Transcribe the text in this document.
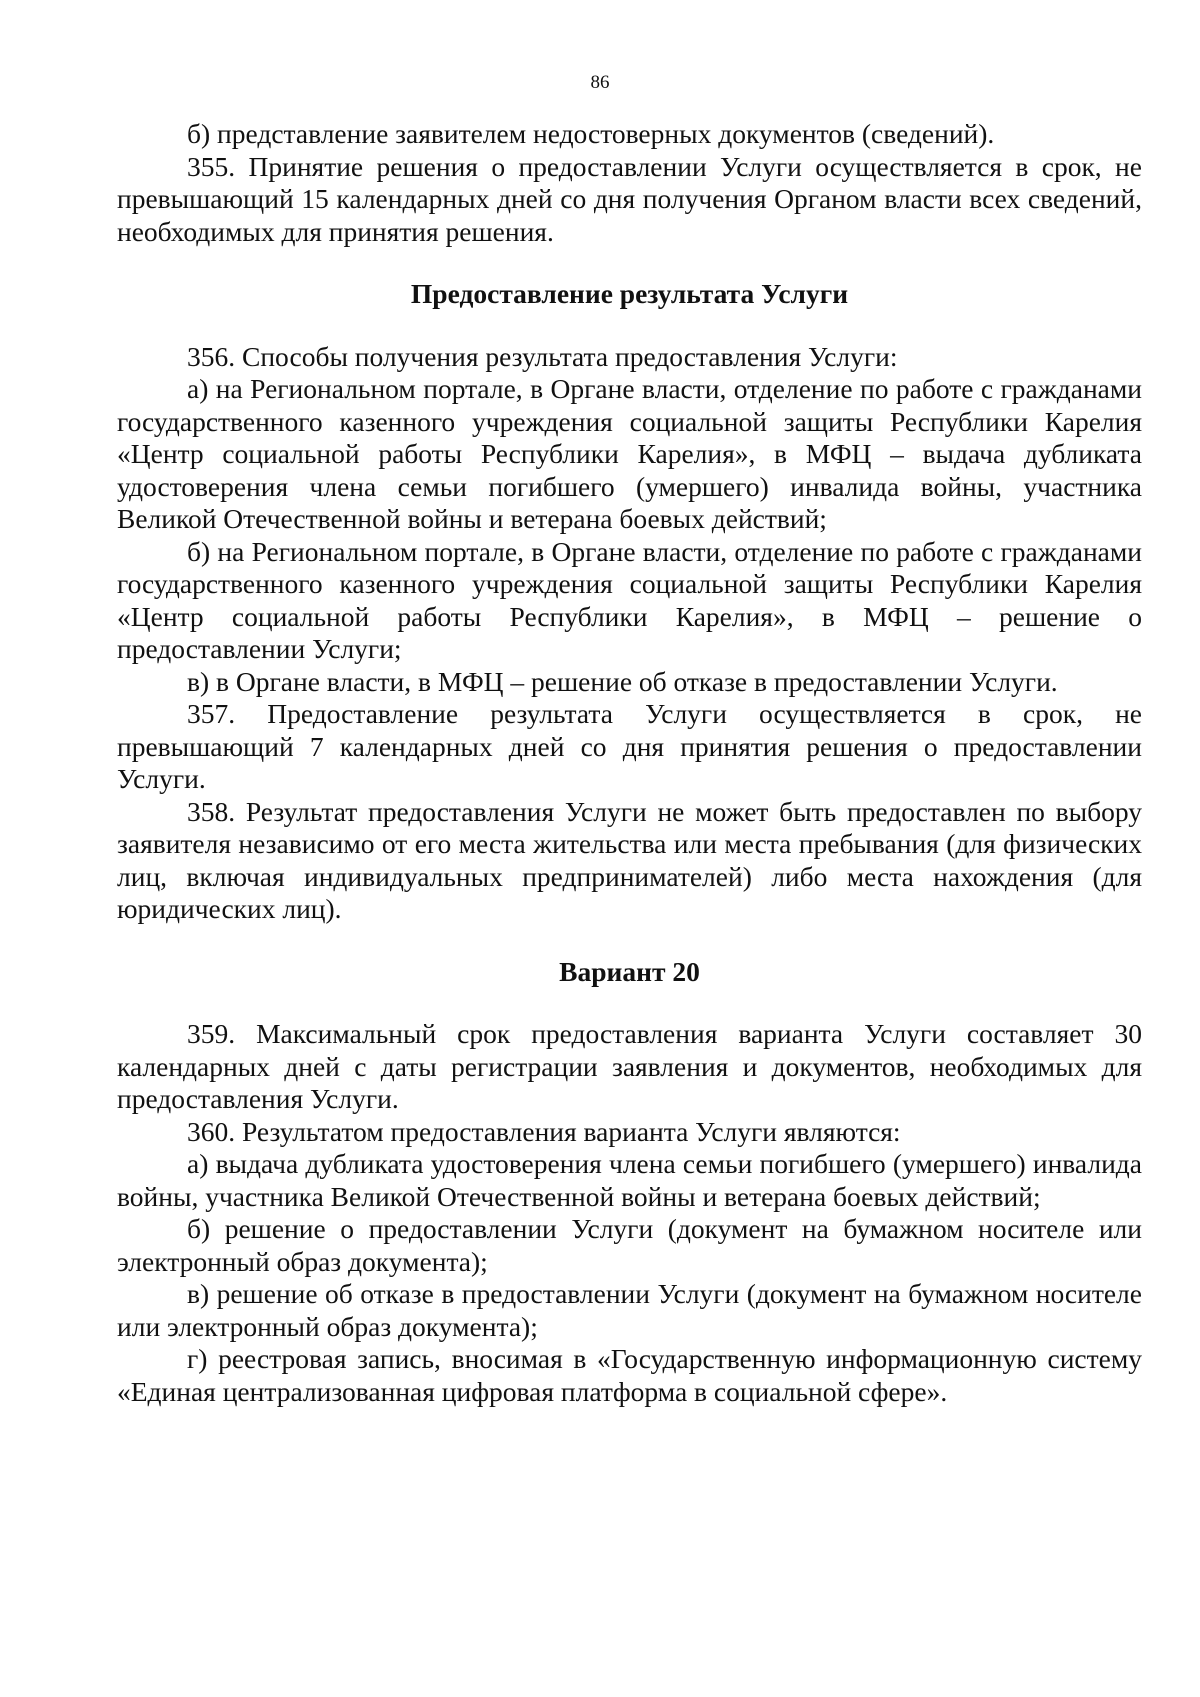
86

б) представление заявителем недостоверных документов (сведений).

355. Принятие решения о предоставлении Услуги осуществляется в срок, не превышающий 15 календарных дней со дня получения Органом власти всех сведений, необходимых для принятия решения.

Предоставление результата Услуги

356. Способы получения результата предоставления Услуги:

а) на Региональном портале, в Органе власти, отделение по работе с гражданами государственного казенного учреждения социальной защиты Республики Карелия «Центр социальной работы Республики Карелия», в МФЦ – выдача дубликата удостоверения члена семьи погибшего (умершего) инвалида войны, участника Великой Отечественной войны и ветерана боевых действий;

б) на Региональном портале, в Органе власти, отделение по работе с гражданами государственного казенного учреждения социальной защиты Республики Карелия «Центр социальной работы Республики Карелия», в МФЦ – решение о предоставлении Услуги;

в) в Органе власти, в МФЦ – решение об отказе в предоставлении Услуги.

357. Предоставление результата Услуги осуществляется в срок, не превышающий 7 календарных дней со дня принятия решения о предоставлении Услуги.

358. Результат предоставления Услуги не может быть предоставлен по выбору заявителя независимо от его места жительства или места пребывания (для физических лиц, включая индивидуальных предпринимателей) либо места нахождения (для юридических лиц).

Вариант 20

359. Максимальный срок предоставления варианта Услуги составляет 30 календарных дней с даты регистрации заявления и документов, необходимых для предоставления Услуги.

360. Результатом предоставления варианта Услуги являются:

а) выдача дубликата удостоверения члена семьи погибшего (умершего) инвалида войны, участника Великой Отечественной войны и ветерана боевых действий;

б) решение о предоставлении Услуги (документ на бумажном носителе или электронный образ документа);

в) решение об отказе в предоставлении Услуги (документ на бумажном носителе или электронный образ документа);

г) реестровая запись, вносимая в «Государственную информационную систему «Единая централизованная цифровая платформа в социальной сфере».
